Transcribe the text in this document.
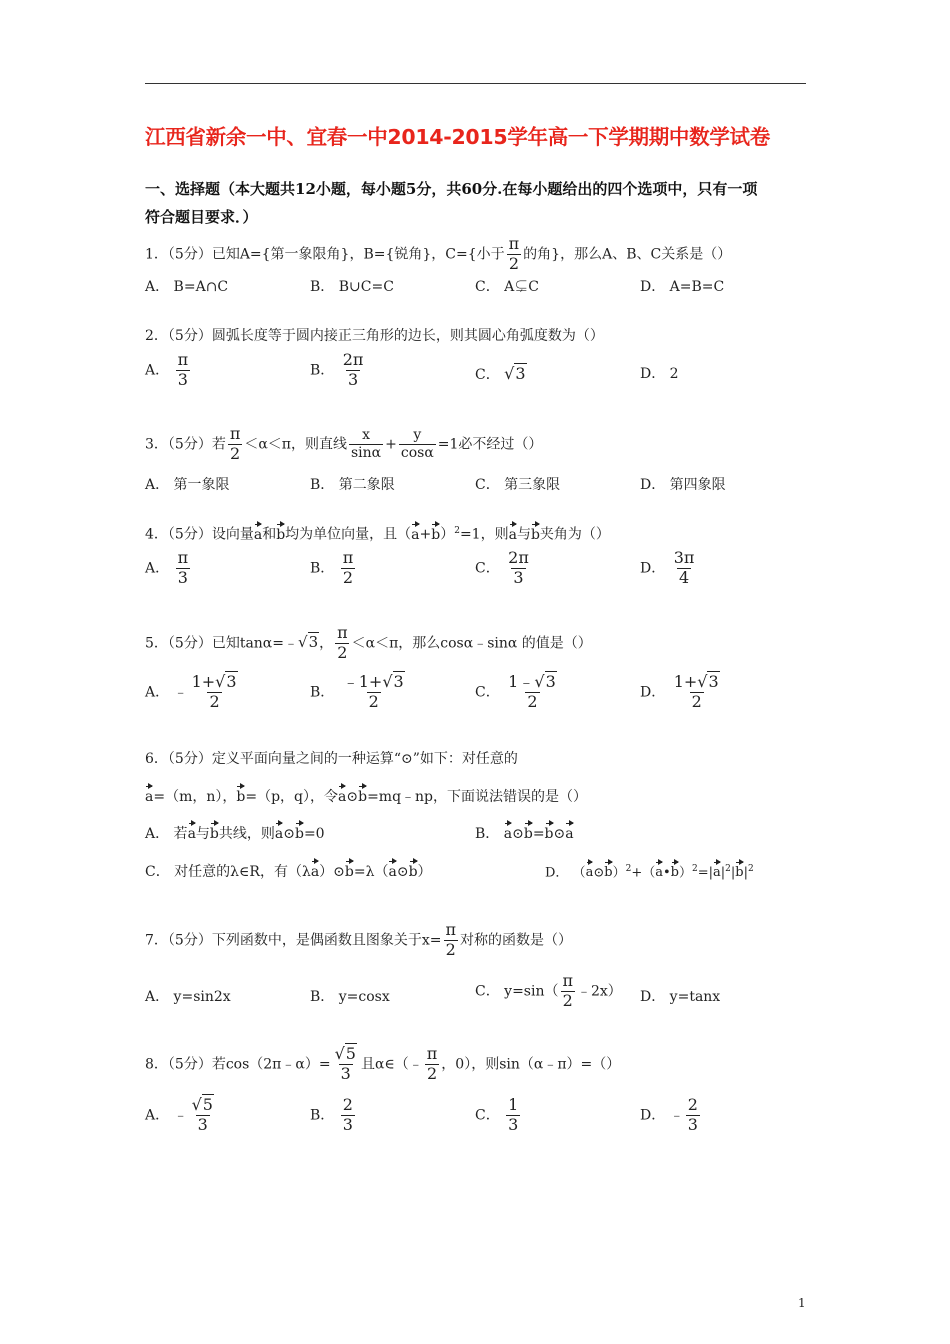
江西省新余一中、宜春一中2014-2015学年高一下学期期中数学试卷
一、选择题（本大题共12小题，每小题5分，共60分.在每小题给出的四个选项中，只有一项
符合题目要求．）
1．（5分）已知A={第一象限角}，B={锐角}，C={小于 $\frac{\pi}{2}$ 的角}，那么A、B、C关系是（）
A． B=A∩C	B． B∪C=C	C． A⊊C	D． A=B=C
2．（5分）圆弧长度等于圆内接正三角形的边长，则其圆心角弧度数为（）
A． $\frac{\pi}{3}$	B． $\frac{2\pi}{3}$	C． √3	D． 2
3．（5分）若 $\frac{\pi}{2} <\alpha<\pi$，则直线 $\frac{x}{\sin\alpha} + \frac{y}{\cos\alpha} =1$必不经过（）
A． 第一象限	B． 第二象限	C． 第三象限	D． 第四象限
4．（5分）设向量a和b均为单位向量，且$(a+b)^2=1$，则a与b夹角为（）
A． $\frac{\pi}{3}$	B． $\frac{\pi}{2}$	C． $\frac{2\pi}{3}$	D． $\frac{3\pi}{4}$
5．（5分）已知tanα=﹣√3， $\frac{\pi}{2} <\alpha<\pi$，那么cosα﹣sinα 的值是（）
A． ﹣ $\frac{1+√3}{2}$	B． $\frac{﹣1+√3}{2}$	C． $\frac{1﹣√3}{2}$	D． $\frac{1+√3}{2}$
6．（5分）定义平面向量之间的一种运算“⊙”如下：对任意的
a=（m，n），b=（p，q），令a⊙b=mq﹣np，下面说法错误的是（）
A． 若a与b共线，则a⊙b=0	B． a⊙b=b⊙a
C． 对任意的λ∈R，有（λa）⊙b=λ（a⊙b）	D． $(a⊙b)^2+(a•b)^2=|a|^2|b|^2$
7．（5分）下列函数中，是偶函数且图象关于$x= \frac{\pi}{2}$ 对称的函数是（）
A． y=sin2x	B． y=cosx	C． $y=\sin( \frac{\pi}{2}$ ﹣2x） D． y=tanx
8．（5分）若cos（2π﹣α）= $\frac{√5}{3}$ 且α∈（﹣ $\frac{\pi}{2}$ ，0），则sin（α﹣π）=（）
A． ﹣ $\frac{√5}{3}$	B． $\frac{2}{3}$	C． $\frac{1}{3}$	D． ﹣ $\frac{2}{3}$
1
